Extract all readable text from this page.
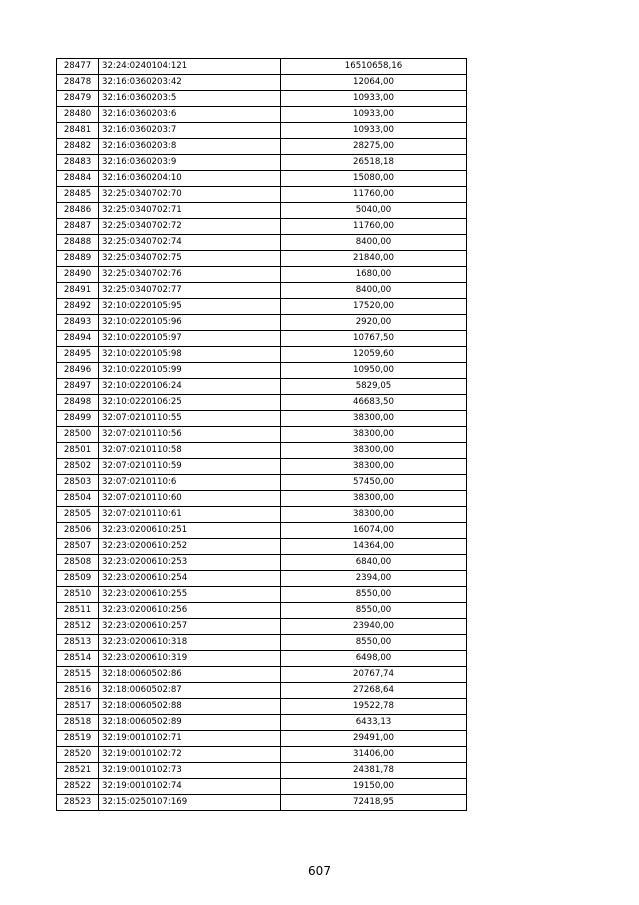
28477	32:24:0240104:121	16510658,16
28478	32:16:0360203:42	12064,00
28479	32:16:0360203:5	10933,00
28480	32:16:0360203:6	10933,00
28481	32:16:0360203:7	10933,00
28482	32:16:0360203:8	28275,00
28483	32:16:0360203:9	26518,18
28484	32:16:0360204:10	15080,00
28485	32:25:0340702:70	11760,00
28486	32:25:0340702:71	5040,00
28487	32:25:0340702:72	11760,00
28488	32:25:0340702:74	8400,00
28489	32:25:0340702:75	21840,00
28490	32:25:0340702:76	1680,00
28491	32:25:0340702:77	8400,00
28492	32:10:0220105:95	17520,00
28493	32:10:0220105:96	2920,00
28494	32:10:0220105:97	10767,50
28495	32:10:0220105:98	12059,60
28496	32:10:0220105:99	10950,00
28497	32:10:0220106:24	5829,05
28498	32:10:0220106:25	46683,50
28499	32:07:0210110:55	38300,00
28500	32:07:0210110:56	38300,00
28501	32:07:0210110:58	38300,00
28502	32:07:0210110:59	38300,00
28503	32:07:0210110:6	57450,00
28504	32:07:0210110:60	38300,00
28505	32:07:0210110:61	38300,00
28506	32:23:0200610:251	16074,00
28507	32:23:0200610:252	14364,00
28508	32:23:0200610:253	6840,00
28509	32:23:0200610:254	2394,00
28510	32:23:0200610:255	8550,00
28511	32:23:0200610:256	8550,00
28512	32:23:0200610:257	23940,00
28513	32:23:0200610:318	8550,00
28514	32:23:0200610:319	6498,00
28515	32:18:0060502:86	20767,74
28516	32:18:0060502:87	27268,64
28517	32:18:0060502:88	19522,78
28518	32:18:0060502:89	6433,13
28519	32:19:0010102:71	29491,00
28520	32:19:0010102:72	31406,00
28521	32:19:0010102:73	24381,78
28522	32:19:0010102:74	19150,00
28523	32:15:0250107:169	72418,95
607
